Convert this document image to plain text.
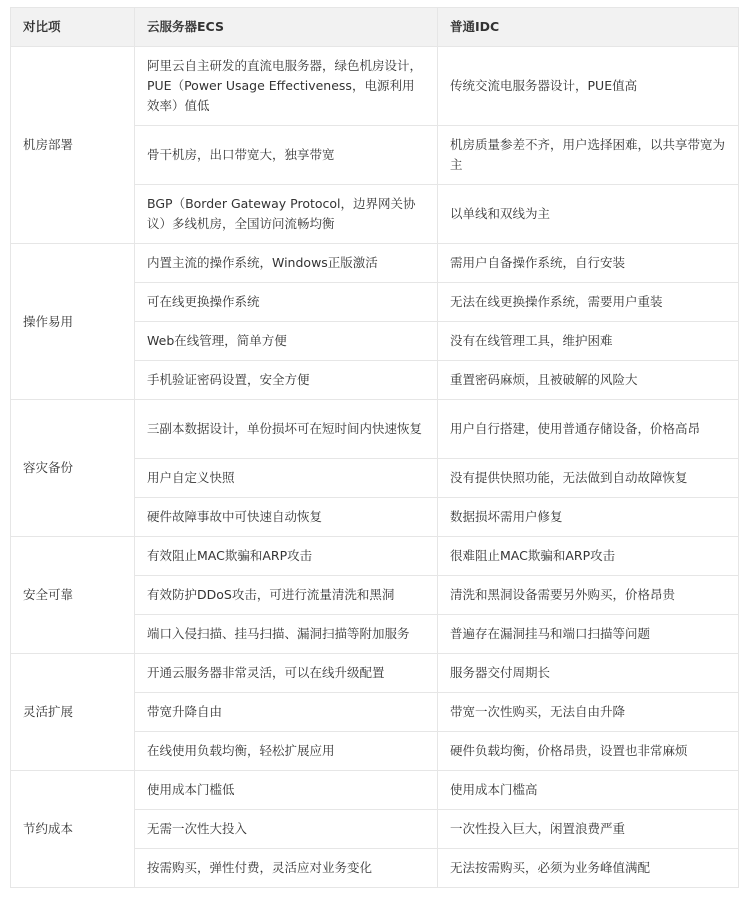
对比项	云服务器ECS	普通IDC
机房部署	阿里云自主研发的直流电服务器，绿色机房设计，PUE（Power Usage Effectiveness，电源利用效率）值低	传统交流电服务器设计，PUE值高
	骨干机房，出口带宽大，独享带宽	机房质量参差不齐，用户选择困难，以共享带宽为主
	BGP（Border Gateway Protocol，边界网关协议）多线机房，全国访问流畅均衡	以单线和双线为主
操作易用	内置主流的操作系统，Windows正版激活	需用户自备操作系统，自行安装
	可在线更换操作系统	无法在线更换操作系统，需要用户重装
	Web在线管理，简单方便	没有在线管理工具，维护困难
	手机验证密码设置，安全方便	重置密码麻烦，且被破解的风险大
容灾备份	三副本数据设计，单份损坏可在短时间内快速恢复	用户自行搭建，使用普通存储设备，价格高昂
	用户自定义快照	没有提供快照功能，无法做到自动故障恢复
	硬件故障事故中可快速自动恢复	数据损坏需用户修复
安全可靠	有效阻止MAC欺骗和ARP攻击	很难阻止MAC欺骗和ARP攻击
	有效防护DDoS攻击，可进行流量清洗和黑洞	清洗和黑洞设备需要另外购买，价格昂贵
	端口入侵扫描、挂马扫描、漏洞扫描等附加服务	普遍存在漏洞挂马和端口扫描等问题
灵活扩展	开通云服务器非常灵活，可以在线升级配置	服务器交付周期长
	带宽升降自由	带宽一次性购买，无法自由升降
	在线使用负载均衡，轻松扩展应用	硬件负载均衡，价格昂贵，设置也非常麻烦
节约成本	使用成本门槛低	使用成本门槛高
	无需一次性大投入	一次性投入巨大，闲置浪费严重
	按需购买，弹性付费，灵活应对业务变化	无法按需购买，必须为业务峰值满配
